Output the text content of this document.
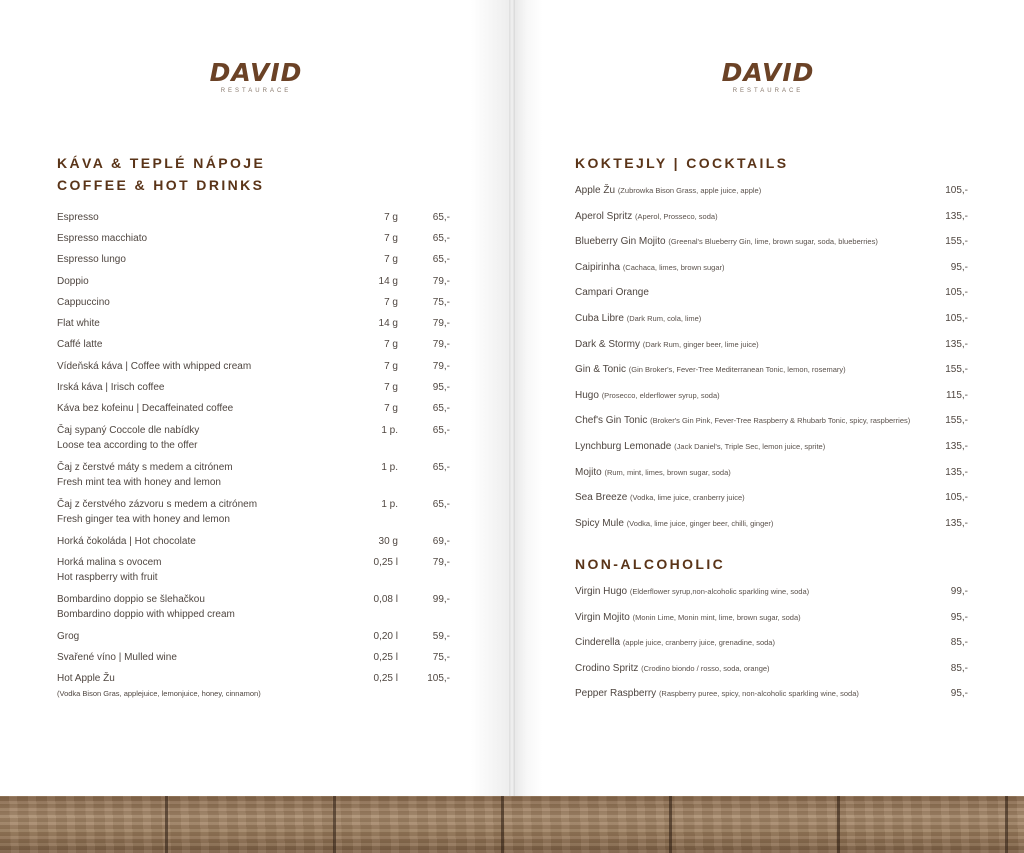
DAVID
RESTAURACE
DAVID
RESTAURACE
KÁVA & TEPLÉ NÁPOJE
COFFEE & HOT DRINKS
Espresso	7 g	65,-
Espresso macchiato	7 g	65,-
Espresso lungo	7 g	65,-
Doppio	14 g	79,-
Cappuccino	7 g	75,-
Flat white	14 g	79,-
Caffé latte	7 g	79,-
Vídeňská káva | Coffee with whipped cream	7 g	79,-
Irská káva | Irisch coffee	7 g	95,-
Káva bez kofeinu | Decaffeinated coffee	7 g	65,-
Čaj sypaný Coccole dle nabídky
Loose tea according to the offer
1 p.	65,-
Čaj z čerstvé máty s medem a citrónem
Fresh mint tea with honey and lemon
1 p.	65,-
Čaj z čerstvého zázvoru s medem a citrónem
Fresh ginger tea with honey and lemon
1 p.	65,-
Horká čokoláda | Hot chocolate	30 g	69,-
Horká malina s ovocem
Hot raspberry with fruit
0,25 l	79,-
Bombardino doppio se šlehačkou
Bombardino doppio with whipped cream
0,08 l	99,-
Grog	0,20 l	59,-
Svařené víno | Mulled wine	0,25 l	75,-
Hot Apple Žu
(Vodka Bison Gras, applejuice, lemonjuice, honey, cinnamon)
0,25 l	105,-
KOKTEJLY | COCKTAILS
Apple Žu (Zubrowka Bison Grass, apple juice, apple)	105,-
Aperol Spritz (Aperol, Prosseco, soda)	135,-
Blueberry Gin Mojito (Greenal's Blueberry Gin, lime, brown sugar, soda, blueberries)	155,-
Caipirinha (Cachaca, limes, brown sugar)	95,-
Campari Orange	105,-
Cuba Libre (Dark Rum, cola, lime)	105,-
Dark & Stormy (Dark Rum, ginger beer, lime juice)	135,-
Gin & Tonic (Gin Broker's, Fever-Tree Mediterranean Tonic, lemon, rosemary)	155,-
Hugo (Prosecco, elderflower syrup, soda)	115,-
Chef's Gin Tonic (Broker's Gin Pink, Fever-Tree Raspberry & Rhubarb Tonic, spicy, raspberries)	155,-
Lynchburg Lemonade (Jack Daniel's, Triple Sec, lemon juice, sprite)	135,-
Mojito (Rum, mint, limes, brown sugar, soda)	135,-
Sea Breeze (Vodka, lime juice, cranberry juice)	105,-
Spicy Mule (Vodka, lime juice, ginger beer, chilli, ginger)	135,-
NON-ALCOHOLIC
Virgin Hugo (Elderflower syrup,non-alcoholic sparkling wine, soda)	99,-
Virgin Mojito (Monin Lime, Monin mint, lime, brown sugar, soda)	95,-
Cinderella (apple juice, cranberry juice, grenadine, soda)	85,-
Crodino Spritz (Crodino biondo / rosso, soda, orange)	85,-
Pepper Raspberry (Raspberry puree, spicy, non-alcoholic sparkling wine, soda)	95,-
